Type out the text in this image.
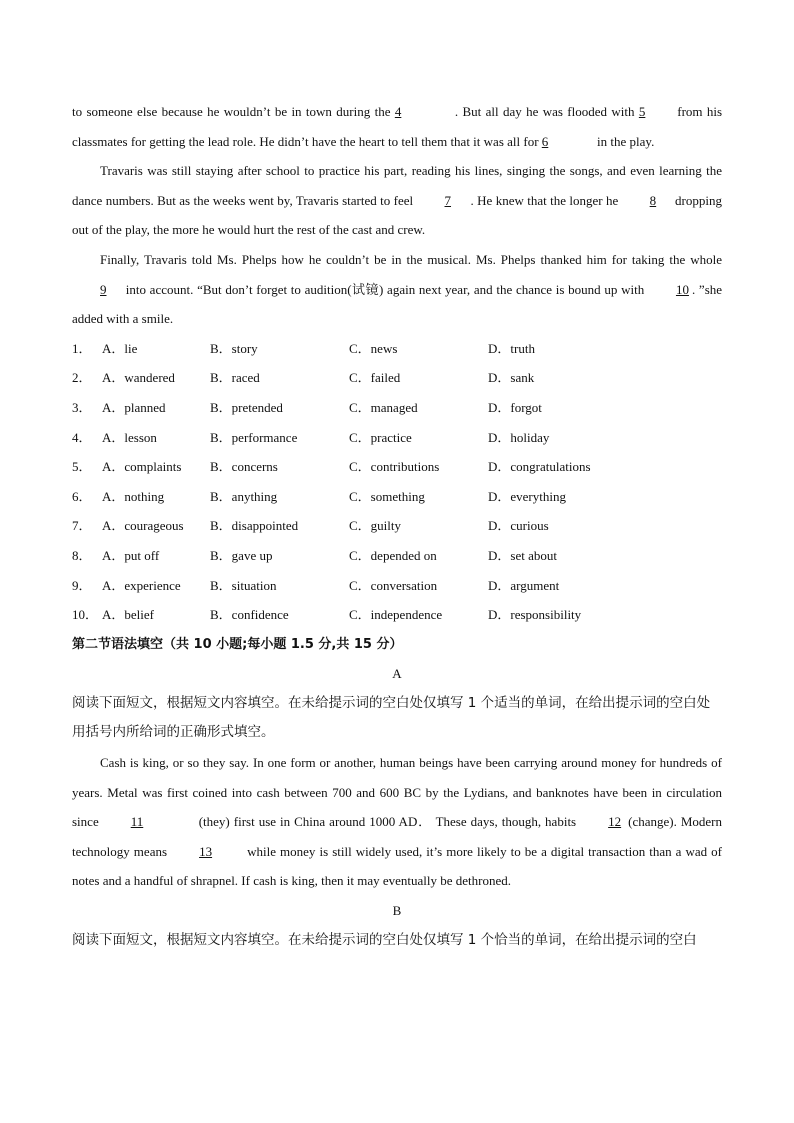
to someone else because he wouldn’t be in town during the 4	. But all day he was flooded with 5 from his classmates for getting the lead role. He didn’t have the heart to tell them that it was all for 6	in the play.

Travaris was still staying after school to practice his part, reading his lines, singing the songs, and even learning the dance numbers. But as the weeks went by, Travaris started to feel 7 . He knew that the longer he 8 dropping out of the play, the more he would hurt the rest of the cast and crew.

Finally, Travaris told Ms. Phelps how he couldn’t be in the musical. Ms. Phelps thanked him for taking the whole 9 into account. “But don’t forget to audition(试镜) again next year, and the chance is bound up with 10 . ”she added with a smile.

1． A．lie	B．story	C．news	D．truth
2． A．wandered	B．raced	C．failed	D．sank
3． A．planned	B．pretended	C．managed	D．forgot
4． A．lesson	B．performance	C．practice	D．holiday
5． A．complaints	B．concerns	C．contributions	D．congratulations
6． A．nothing	B．anything	C．something	D．everything
7． A．courageous	B．disappointed	C．guilty	D．curious
8． A．put off	B．gave up	C．depended on	D．set about
9． A．experience	B．situation	C．conversation	D．argument
10． A．belief	B．confidence	C．independence	D．responsibility

第二节语法填空（共 10 小题;每小题 1.5 分,共 15 分）

A

阅读下面短文，根据短文内容填空。在未给提示词的空白处仅填写 1 个适当的单词，在给出提示词的空白处用括号内所给词的正确形式填空。

Cash is king, or so they say. In one form or another, human beings have been carrying around money for hundreds of years. Metal was first coined into cash between 700 and 600 BC by the Lydians, and banknotes have been in circulation since 11	(they) first use in China around 1000 AD． These days, though, habits 12 (change). Modern technology means 13	while money is still widely used, it’s more likely to be a digital transaction than a wad of notes and a handful of shrapnel. If cash is king, then it may eventually be dethroned.

B

阅读下面短文，根据短文内容填空。在未给提示词的空白处仅填写 1 个恰当的单词，在给出提示词的空白
